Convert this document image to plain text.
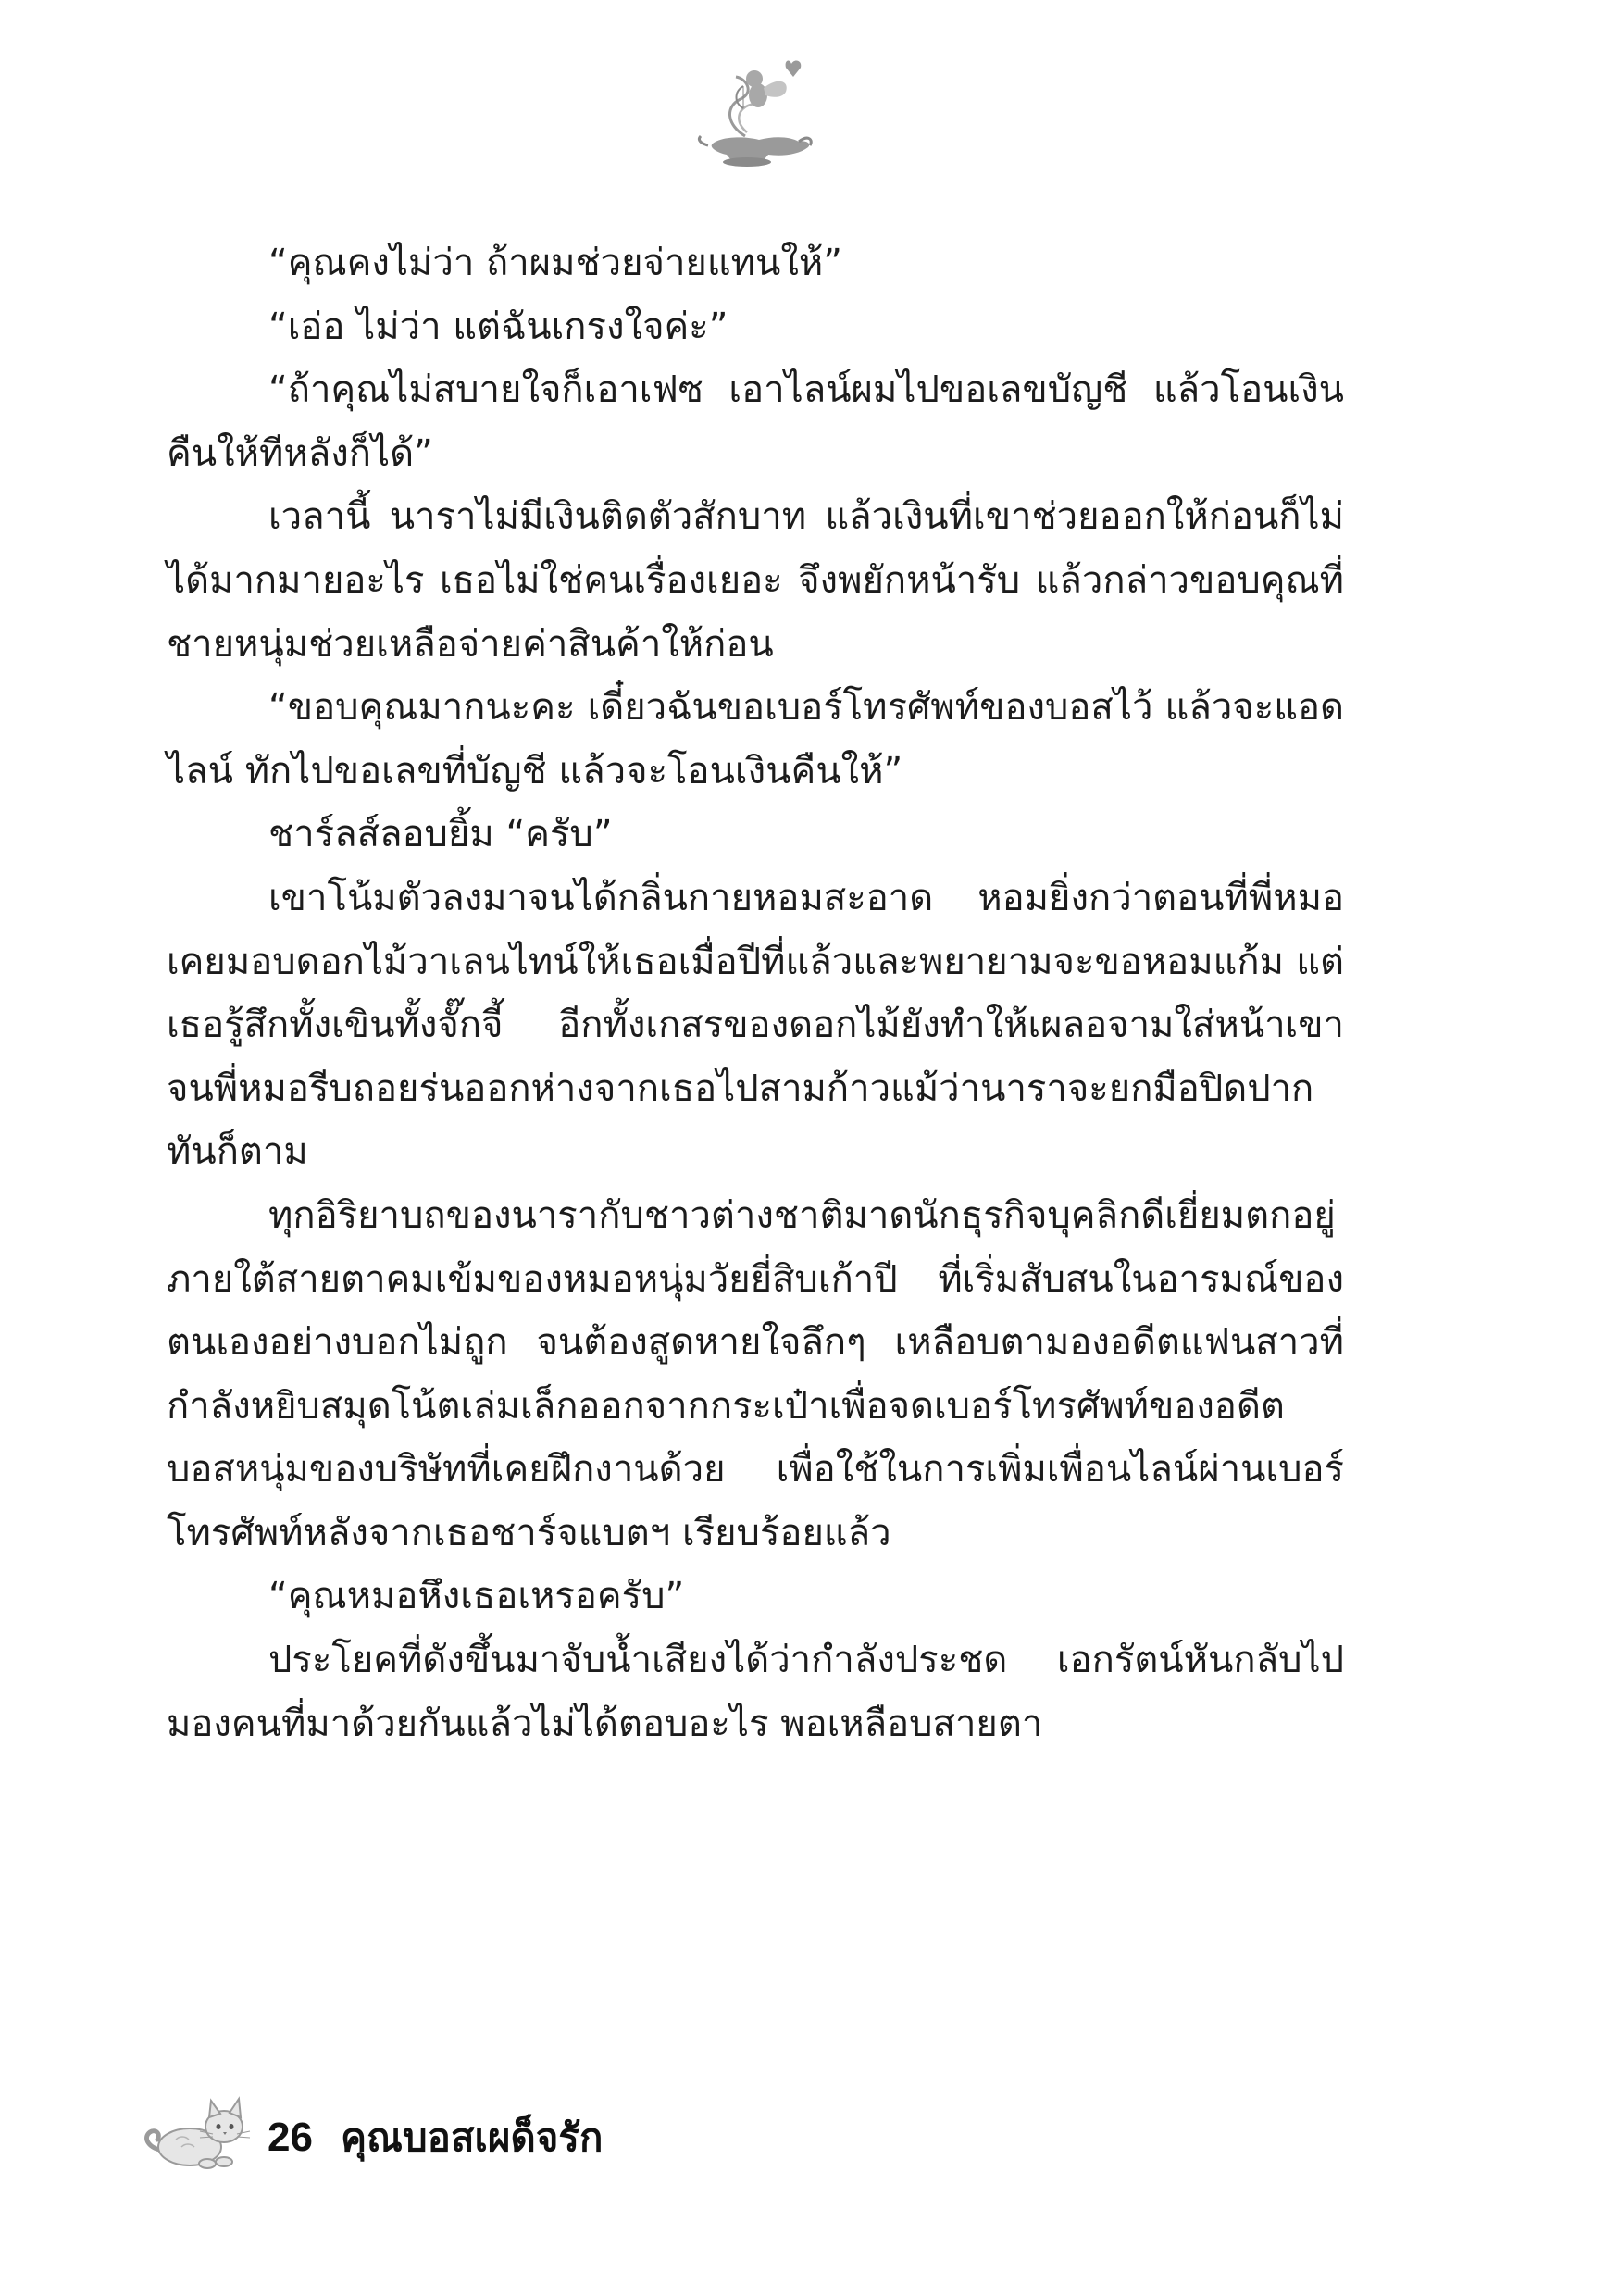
“คุณคงไม่ว่า ถ้าผมช่วยจ่ายแทนให้”

“เอ่อ ไม่ว่า แต่ฉันเกรงใจค่ะ”

“ถ้าคุณไม่สบายใจก็เอาเฟซ เอาไลน์ผมไปขอเลขบัญชี แล้วโอนเงินคืนให้ทีหลังก็ได้”

เวลานี้ นาราไม่มีเงินติดตัวสักบาท แล้วเงินที่เขาช่วยออกให้ก่อนก็ไม่ได้มากมายอะไร เธอไม่ใช่คนเรื่องเยอะ จึงพยักหน้ารับ แล้วกล่าวขอบคุณที่ชายหนุ่มช่วยเหลือจ่ายค่าสินค้าให้ก่อน

“ขอบคุณมากนะคะ เดี๋ยวฉันขอเบอร์โทรศัพท์ของบอสไว้ แล้วจะแอดไลน์ ทักไปขอเลขที่บัญชี แล้วจะโอนเงินคืนให้”

ชาร์ลส์ลอบยิ้ม “ครับ”

เขาโน้มตัวลงมาจนได้กลิ่นกายหอมสะอาด หอมยิ่งกว่าตอนที่พี่หมอเคยมอบดอกไม้วาเลนไทน์ให้เธอเมื่อปีที่แล้วและพยายามจะขอหอมแก้ม แต่เธอรู้สึกทั้งเขินทั้งจั๊กจี้ อีกทั้งเกสรของดอกไม้ยังทำให้เผลอจามใส่หน้าเขา จนพี่หมอรีบถอยร่นออกห่างจากเธอไปสามก้าวแม้ว่านาราจะยกมือปิดปากทันก็ตาม

ทุกอิริยาบถของนารากับชาวต่างชาติมาดนักธุรกิจบุคลิกดีเยี่ยมตกอยู่ภายใต้สายตาคมเข้มของหมอหนุ่มวัยยี่สิบเก้าปี ที่เริ่มสับสนในอารมณ์ของตนเองอย่างบอกไม่ถูก จนต้องสูดหายใจลึกๆ เหลือบตามองอดีตแฟนสาวที่กำลังหยิบสมุดโน้ตเล่มเล็กออกจากกระเป๋าเพื่อจดเบอร์โทรศัพท์ของอดีตบอสหนุ่มของบริษัทที่เคยฝึกงานด้วย เพื่อใช้ในการเพิ่มเพื่อนไลน์ผ่านเบอร์โทรศัพท์หลังจากเธอชาร์จแบตฯ เรียบร้อยแล้ว

“คุณหมอหึงเธอเหรอครับ”

ประโยคที่ดังขึ้นมาจับน้ำเสียงได้ว่ากำลังประชด เอกรัตน์หันกลับไปมองคนที่มาด้วยกันแล้วไม่ได้ตอบอะไร พอเหลือบสายตา

26 คุณบอสเผด็จรัก
